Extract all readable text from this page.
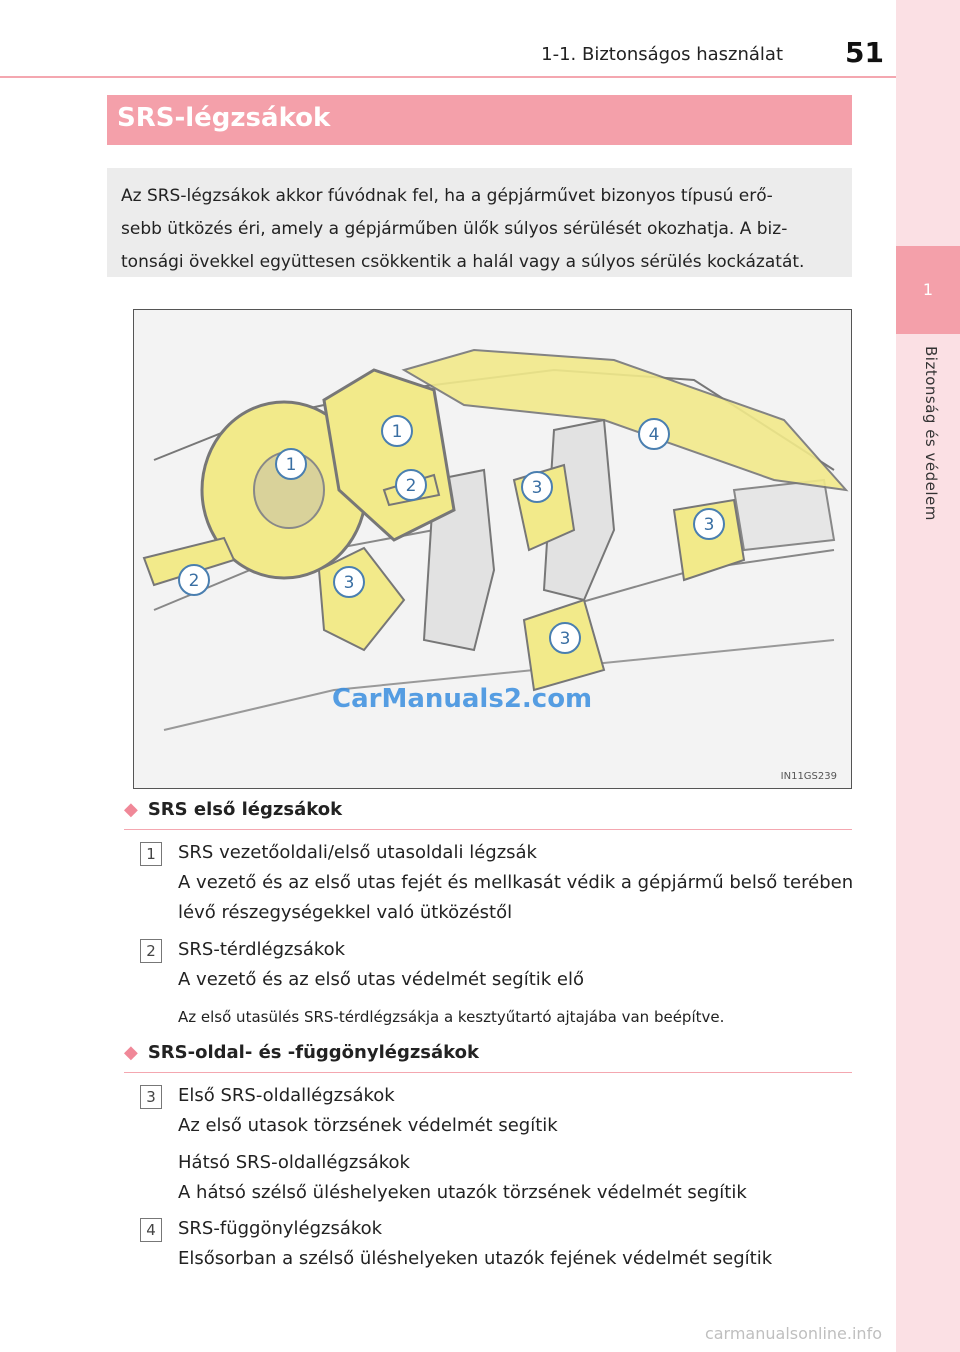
1
Biztonság és védelem
1-1. Biztonságos használat 51
SRS-légzsákok

Az SRS-légzsákok akkor fúvódnak fel, ha a gépjárművet bizonyos típusú erő-
sebb ütközés éri, amely a gépjárműben ülők súlyos sérülését okozhatja. A biz-
tonsági övekkel együttesen csökkentik a halál vagy a súlyos sérülés kockázatát.

1
1
2
2
3
3
3
3
4
CarManuals2.com
IN11GS239
◆ SRS első légzsákok
1	SRS vezetőoldali/első utasoldali légzsák
A vezető és az első utas fejét és mellkasát védik a gépjármű belső terében
lévő részegységekkel való ütközéstől
2	SRS-térdlégzsákok
A vezető és az első utas védelmét segítik elő
Az első utasülés SRS-térdlégzsákja a kesztyűtartó ajtajába van beépítve.
◆ SRS-oldal- és -függönylégzsákok
3	Első SRS-oldallégzsákok
Az első utasok törzsének védelmét segítik
Hátsó SRS-oldallégzsákok
A hátsó szélső üléshelyeken utazók törzsének védelmét segítik
4	SRS-függönylégzsákok
Elsősorban a szélső üléshelyeken utazók fejének védelmét segítik
carmanualsonline.info
